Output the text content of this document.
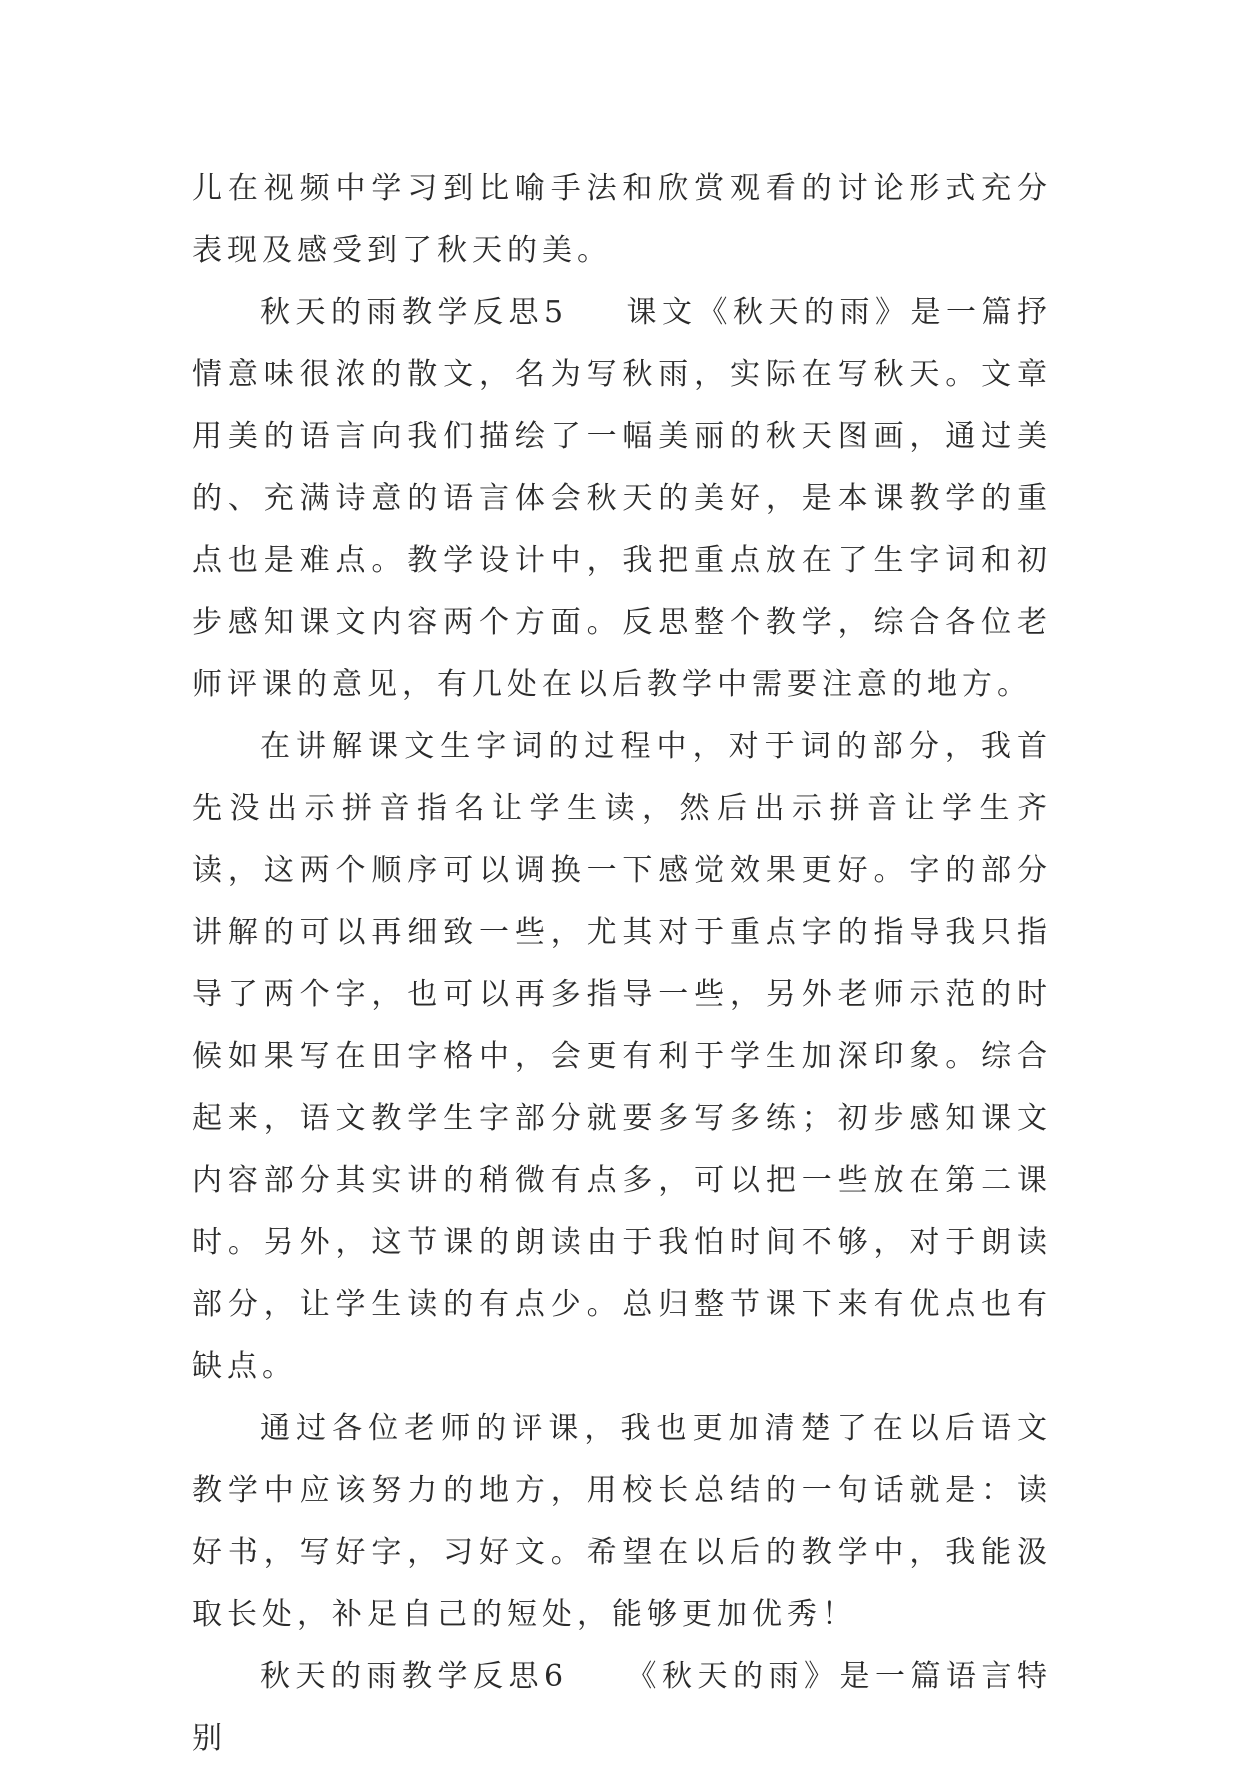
儿在视频中学习到比喻手法和欣赏观看的讨论形式充分表现及感受到了秋天的美。

秋天的雨教学反思5 课文《秋天的雨》是一篇抒情意味很浓的散文，名为写秋雨，实际在写秋天。文章用美的语言向我们描绘了一幅美丽的秋天图画，通过美的、充满诗意的语言体会秋天的美好，是本课教学的重点也是难点。教学设计中，我把重点放在了生字词和初步感知课文内容两个方面。反思整个教学，综合各位老师评课的意见，有几处在以后教学中需要注意的地方。

在讲解课文生字词的过程中，对于词的部分，我首先没出示拼音指名让学生读，然后出示拼音让学生齐读，这两个顺序可以调换一下感觉效果更好。字的部分讲解的可以再细致一些，尤其对于重点字的指导我只指导了两个字，也可以再多指导一些，另外老师示范的时候如果写在田字格中，会更有利于学生加深印象。综合起来，语文教学生字部分就要多写多练；初步感知课文内容部分其实讲的稍微有点多，可以把一些放在第二课时。另外，这节课的朗读由于我怕时间不够，对于朗读部分，让学生读的有点少。总归整节课下来有优点也有缺点。

通过各位老师的评课，我也更加清楚了在以后语文教学中应该努力的地方，用校长总结的一句话就是：读好书，写好字，习好文。希望在以后的教学中，我能汲取长处，补足自己的短处，能够更加优秀！

秋天的雨教学反思6 《秋天的雨》是一篇语言特别
